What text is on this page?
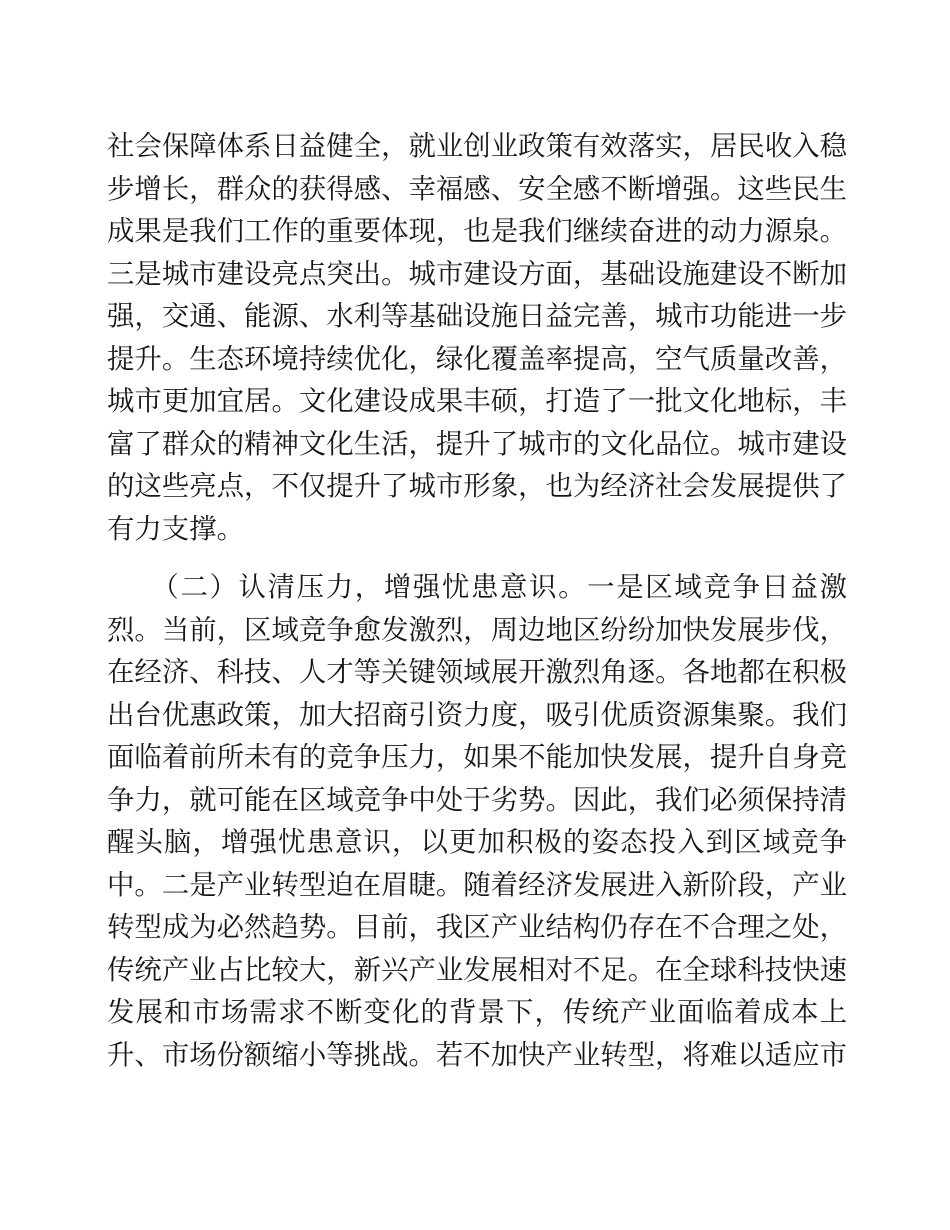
社会保障体系日益健全，就业创业政策有效落实，居民收入稳
步增长，群众的获得感、幸福感、安全感不断增强。这些民生
成果是我们工作的重要体现，也是我们继续奋进的动力源泉。
三是城市建设亮点突出。城市建设方面，基础设施建设不断加
强，交通、能源、水利等基础设施日益完善，城市功能进一步
提升。生态环境持续优化，绿化覆盖率提高，空气质量改善，
城市更加宜居。文化建设成果丰硕，打造了一批文化地标，丰
富了群众的精神文化生活，提升了城市的文化品位。城市建设
的这些亮点，不仅提升了城市形象，也为经济社会发展提供了
有力支撑。
　　（二）认清压力，增强忧患意识。一是区域竞争日益激
烈。当前，区域竞争愈发激烈，周边地区纷纷加快发展步伐，
在经济、科技、人才等关键领域展开激烈角逐。各地都在积极
出台优惠政策，加大招商引资力度，吸引优质资源集聚。我们
面临着前所未有的竞争压力，如果不能加快发展，提升自身竞
争力，就可能在区域竞争中处于劣势。因此，我们必须保持清
醒头脑，增强忧患意识，以更加积极的姿态投入到区域竞争
中。二是产业转型迫在眉睫。随着经济发展进入新阶段，产业
转型成为必然趋势。目前，我区产业结构仍存在不合理之处，
传统产业占比较大，新兴产业发展相对不足。在全球科技快速
发展和市场需求不断变化的背景下，传统产业面临着成本上
升、市场份额缩小等挑战。若不加快产业转型，将难以适应市
